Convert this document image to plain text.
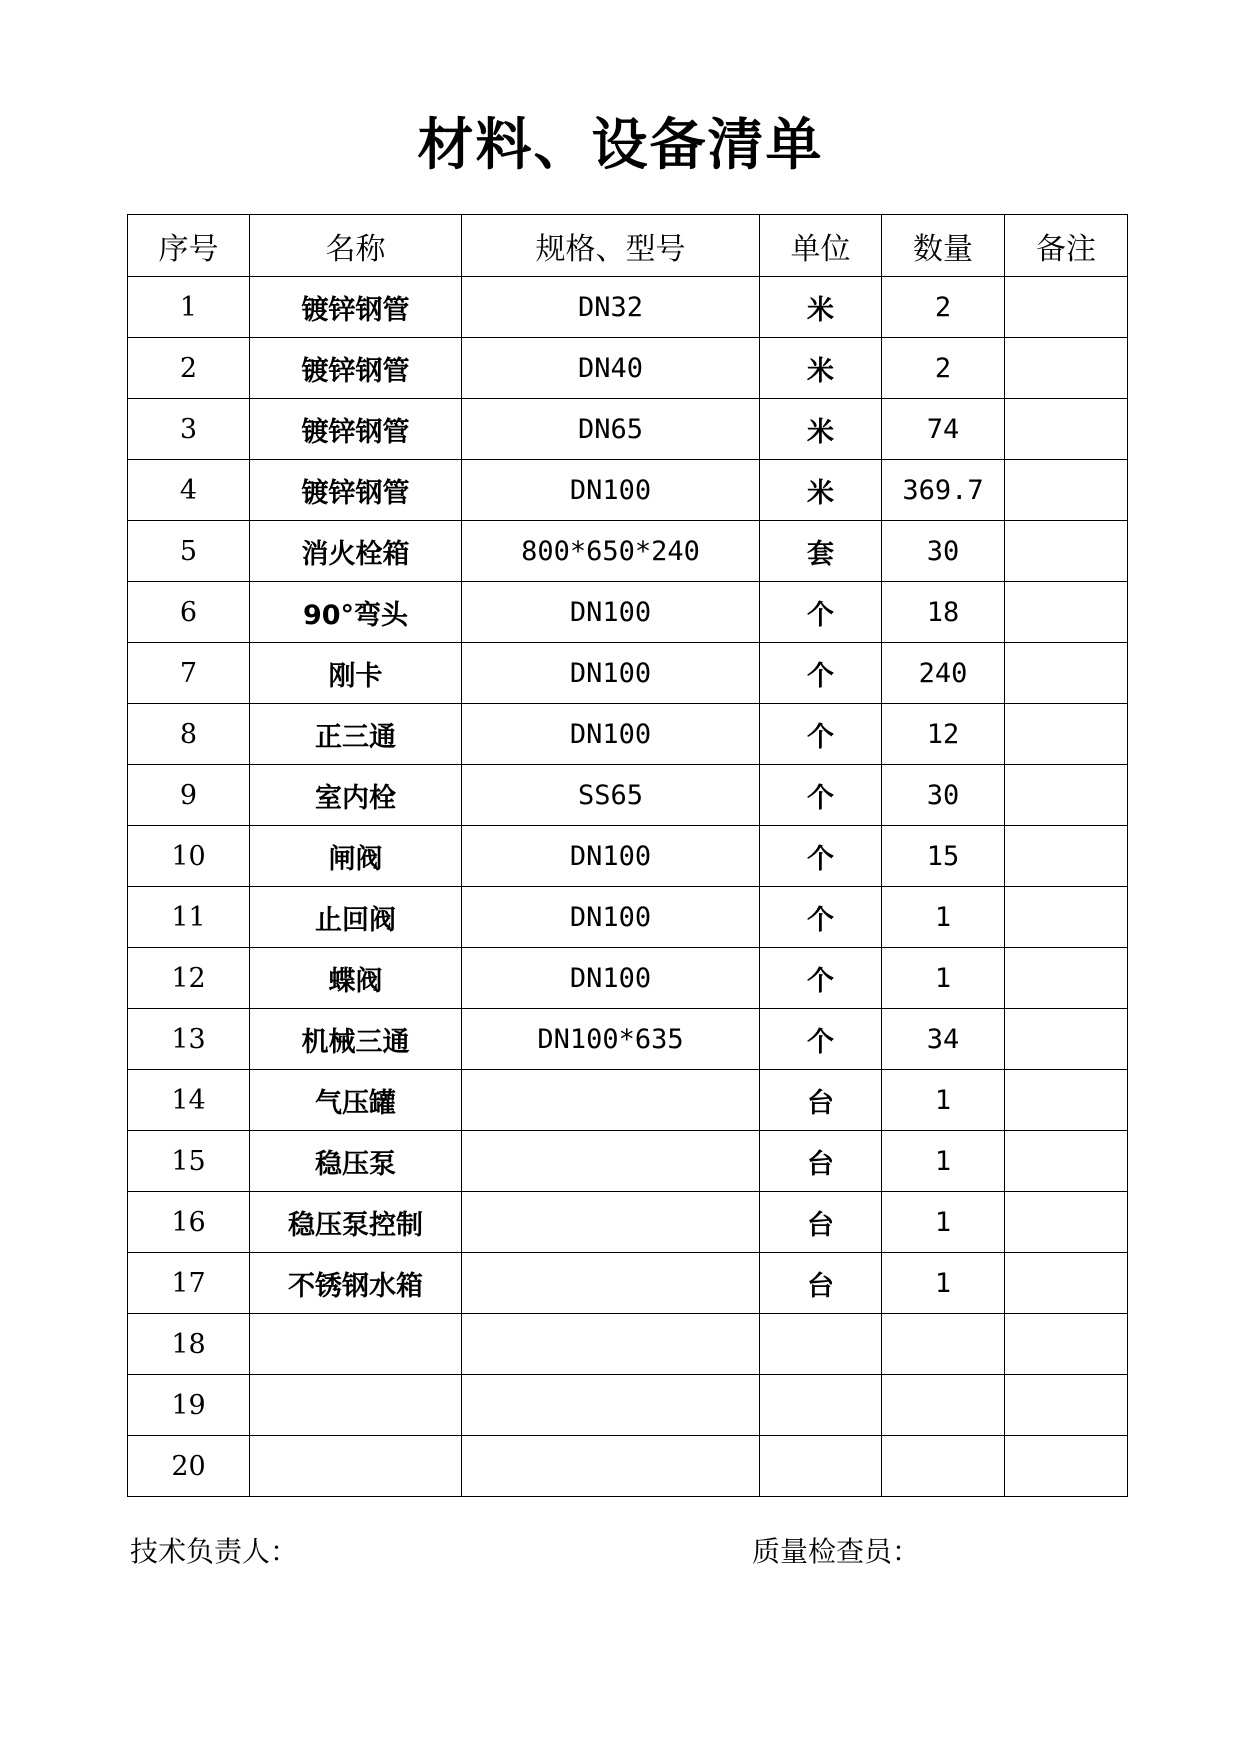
材料、设备清单
序号	名称	规格、型号	单位	数量	备注
1	镀锌钢管	DN32	米	2	
2	镀锌钢管	DN40	米	2	
3	镀锌钢管	DN65	米	74	
4	镀锌钢管	DN100	米	369.7	
5	消火栓箱	800*650*240	套	30	
6	90°弯头	DN100	个	18	
7	刚卡	DN100	个	240	
8	正三通	DN100	个	12	
9	室内栓	SS65	个	30	
10	闸阀	DN100	个	15	
11	止回阀	DN100	个	1	
12	蝶阀	DN100	个	1	
13	机械三通	DN100*635	个	34	
14	气压罐		台	1	
15	稳压泵		台	1	
16	稳压泵控制		台	1	
17	不锈钢水箱		台	1	
18					
19					
20					
技术负责人：	质量检查员：
